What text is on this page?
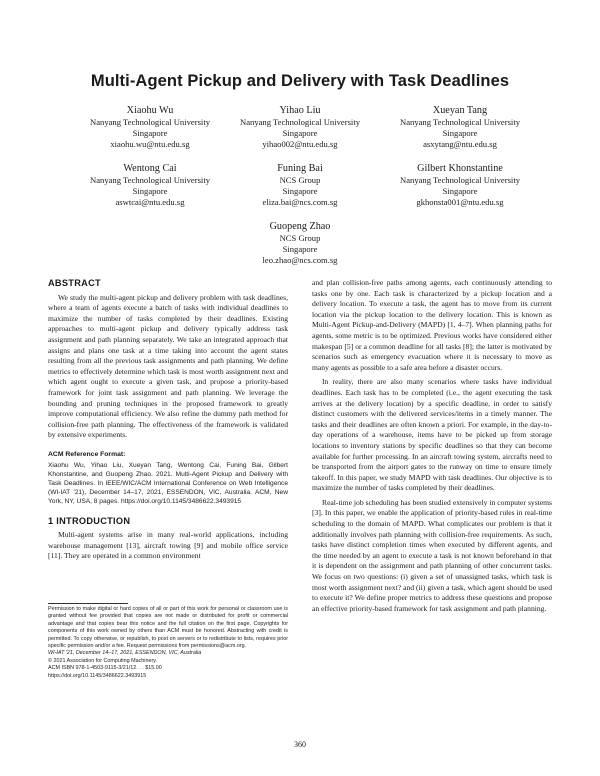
Multi-Agent Pickup and Delivery with Task Deadlines
Xiaohu Wu
Nanyang Technological University
Singapore
xiaohu.wu@ntu.edu.sg
Yihao Liu
Nanyang Technological University
Singapore
yihao002@ntu.edu.sg
Xueyan Tang
Nanyang Technological University
Singapore
asxytang@ntu.edu.sg
Wentong Cai
Nanyang Technological University
Singapore
aswtcai@ntu.edu.sg
Funing Bai
NCS Group
Singapore
eliza.bai@ncs.com.sg
Gilbert Khonstantine
Nanyang Technological University
Singapore
gkhonsta001@ntu.edu.sg
Guopeng Zhao
NCS Group
Singapore
leo.zhao@ncs.com.sg
ABSTRACT

We study the multi-agent pickup and delivery problem with task deadlines, where a team of agents execute a batch of tasks with individual deadlines to maximize the number of tasks completed by their deadlines. Existing approaches to multi-agent pickup and delivery typically address task assignment and path planning separately. We take an integrated approach that assigns and plans one task at a time taking into account the agent states resulting from all the previous task assignments and path planning. We define metrics to effectively determine which task is most worth assignment next and which agent ought to execute a given task, and propose a priority-based framework for joint task assignment and path planning. We leverage the bounding and pruning techniques in the proposed framework to greatly improve computational efficiency. We also refine the dummy path method for collision-free path planning. The effectiveness of the framework is validated by extensive experiments.

ACM Reference Format:
Xiaohu Wu, Yihao Liu, Xueyan Tang, Wentong Cai, Funing Bai, Gilbert Khonstantine, and Guopeng Zhao. 2021. Multi-Agent Pickup and Delivery with Task Deadlines. In IEEE/WIC/ACM International Conference on Web Intelligence (WI-IAT '21), December 14–17, 2021, ESSENDON, VIC, Australia. ACM, New York, NY, USA, 8 pages. https://doi.org/10.1145/3486622.3493915
1 INTRODUCTION

Multi-agent systems arise in many real-world applications, including warehouse management [13], aircraft towing [9] and mobile office service [11]. They are operated in a common environment

Permission to make digital or hard copies of all or part of this work for personal or classroom use is granted without fee provided that copies are not made or distributed for profit or commercial advantage and that copies bear this notice and the full citation on the first page. Copyrights for components of this work owned by others than ACM must be honored. Abstracting with credit is permitted. To copy otherwise, or republish, to post on servers or to redistribute to lists, requires prior specific permission and/or a fee. Request permissions from permissions@acm.org.
WI-IAT '21, December 14–17, 2021, ESSENDON, VIC, Australia
© 2021 Association for Computing Machinery.
ACM ISBN 978-1-4503-9115-3/21/12. . . $15.00
https://doi.org/10.1145/3486622.3493915

and plan collision-free paths among agents, each continuously attending to tasks one by one. Each task is characterized by a pickup location and a delivery location. To execute a task, the agent has to move from its current location via the pickup location to the delivery location. This is known as Multi-Agent Pickup-and-Delivery (MAPD) [1, 4–7]. When planning paths for agents, some metric is to be optimized. Previous works have considered either makespan [5] or a common deadline for all tasks [8]; the latter is motivated by scenarios such as emergency evacuation where it is necessary to move as many agents as possible to a safe area before a disaster occurs.

In reality, there are also many scenarios where tasks have individual deadlines. Each task has to be completed (i.e., the agent executing the task arrives at the delivery location) by a specific deadline, in order to satisfy distinct customers with the delivered services/items in a timely manner. The tasks and their deadlines are often known a priori. For example, in the day-to-day operations of a warehouse, items have to be picked up from storage locations to inventory stations by specific deadlines so that they can become available for further processing. In an aircraft towing system, aircrafts need to be transported from the airport gates to the runway on time to ensure timely takeoff. In this paper, we study MAPD with task deadlines. Our objective is to maximize the number of tasks completed by their deadlines.

Real-time job scheduling has been studied extensively in computer systems [3]. In this paper, we enable the application of priority-based rules in real-time scheduling to the domain of MAPD. What complicates our problem is that it additionally involves path planning with collision-free requirements. As such, tasks have distinct completion times when executed by different agents, and the time needed by an agent to execute a task is not known beforehand in that it is dependent on the assignment and path planning of other concurrent tasks. We focus on two questions: (i) given a set of unassigned tasks, which task is most worth assignment next? and (ii) given a task, which agent should be used to execute it? We define proper metrics to address these questions and propose an effective priority-based framework for task assignment and path planning.

360
